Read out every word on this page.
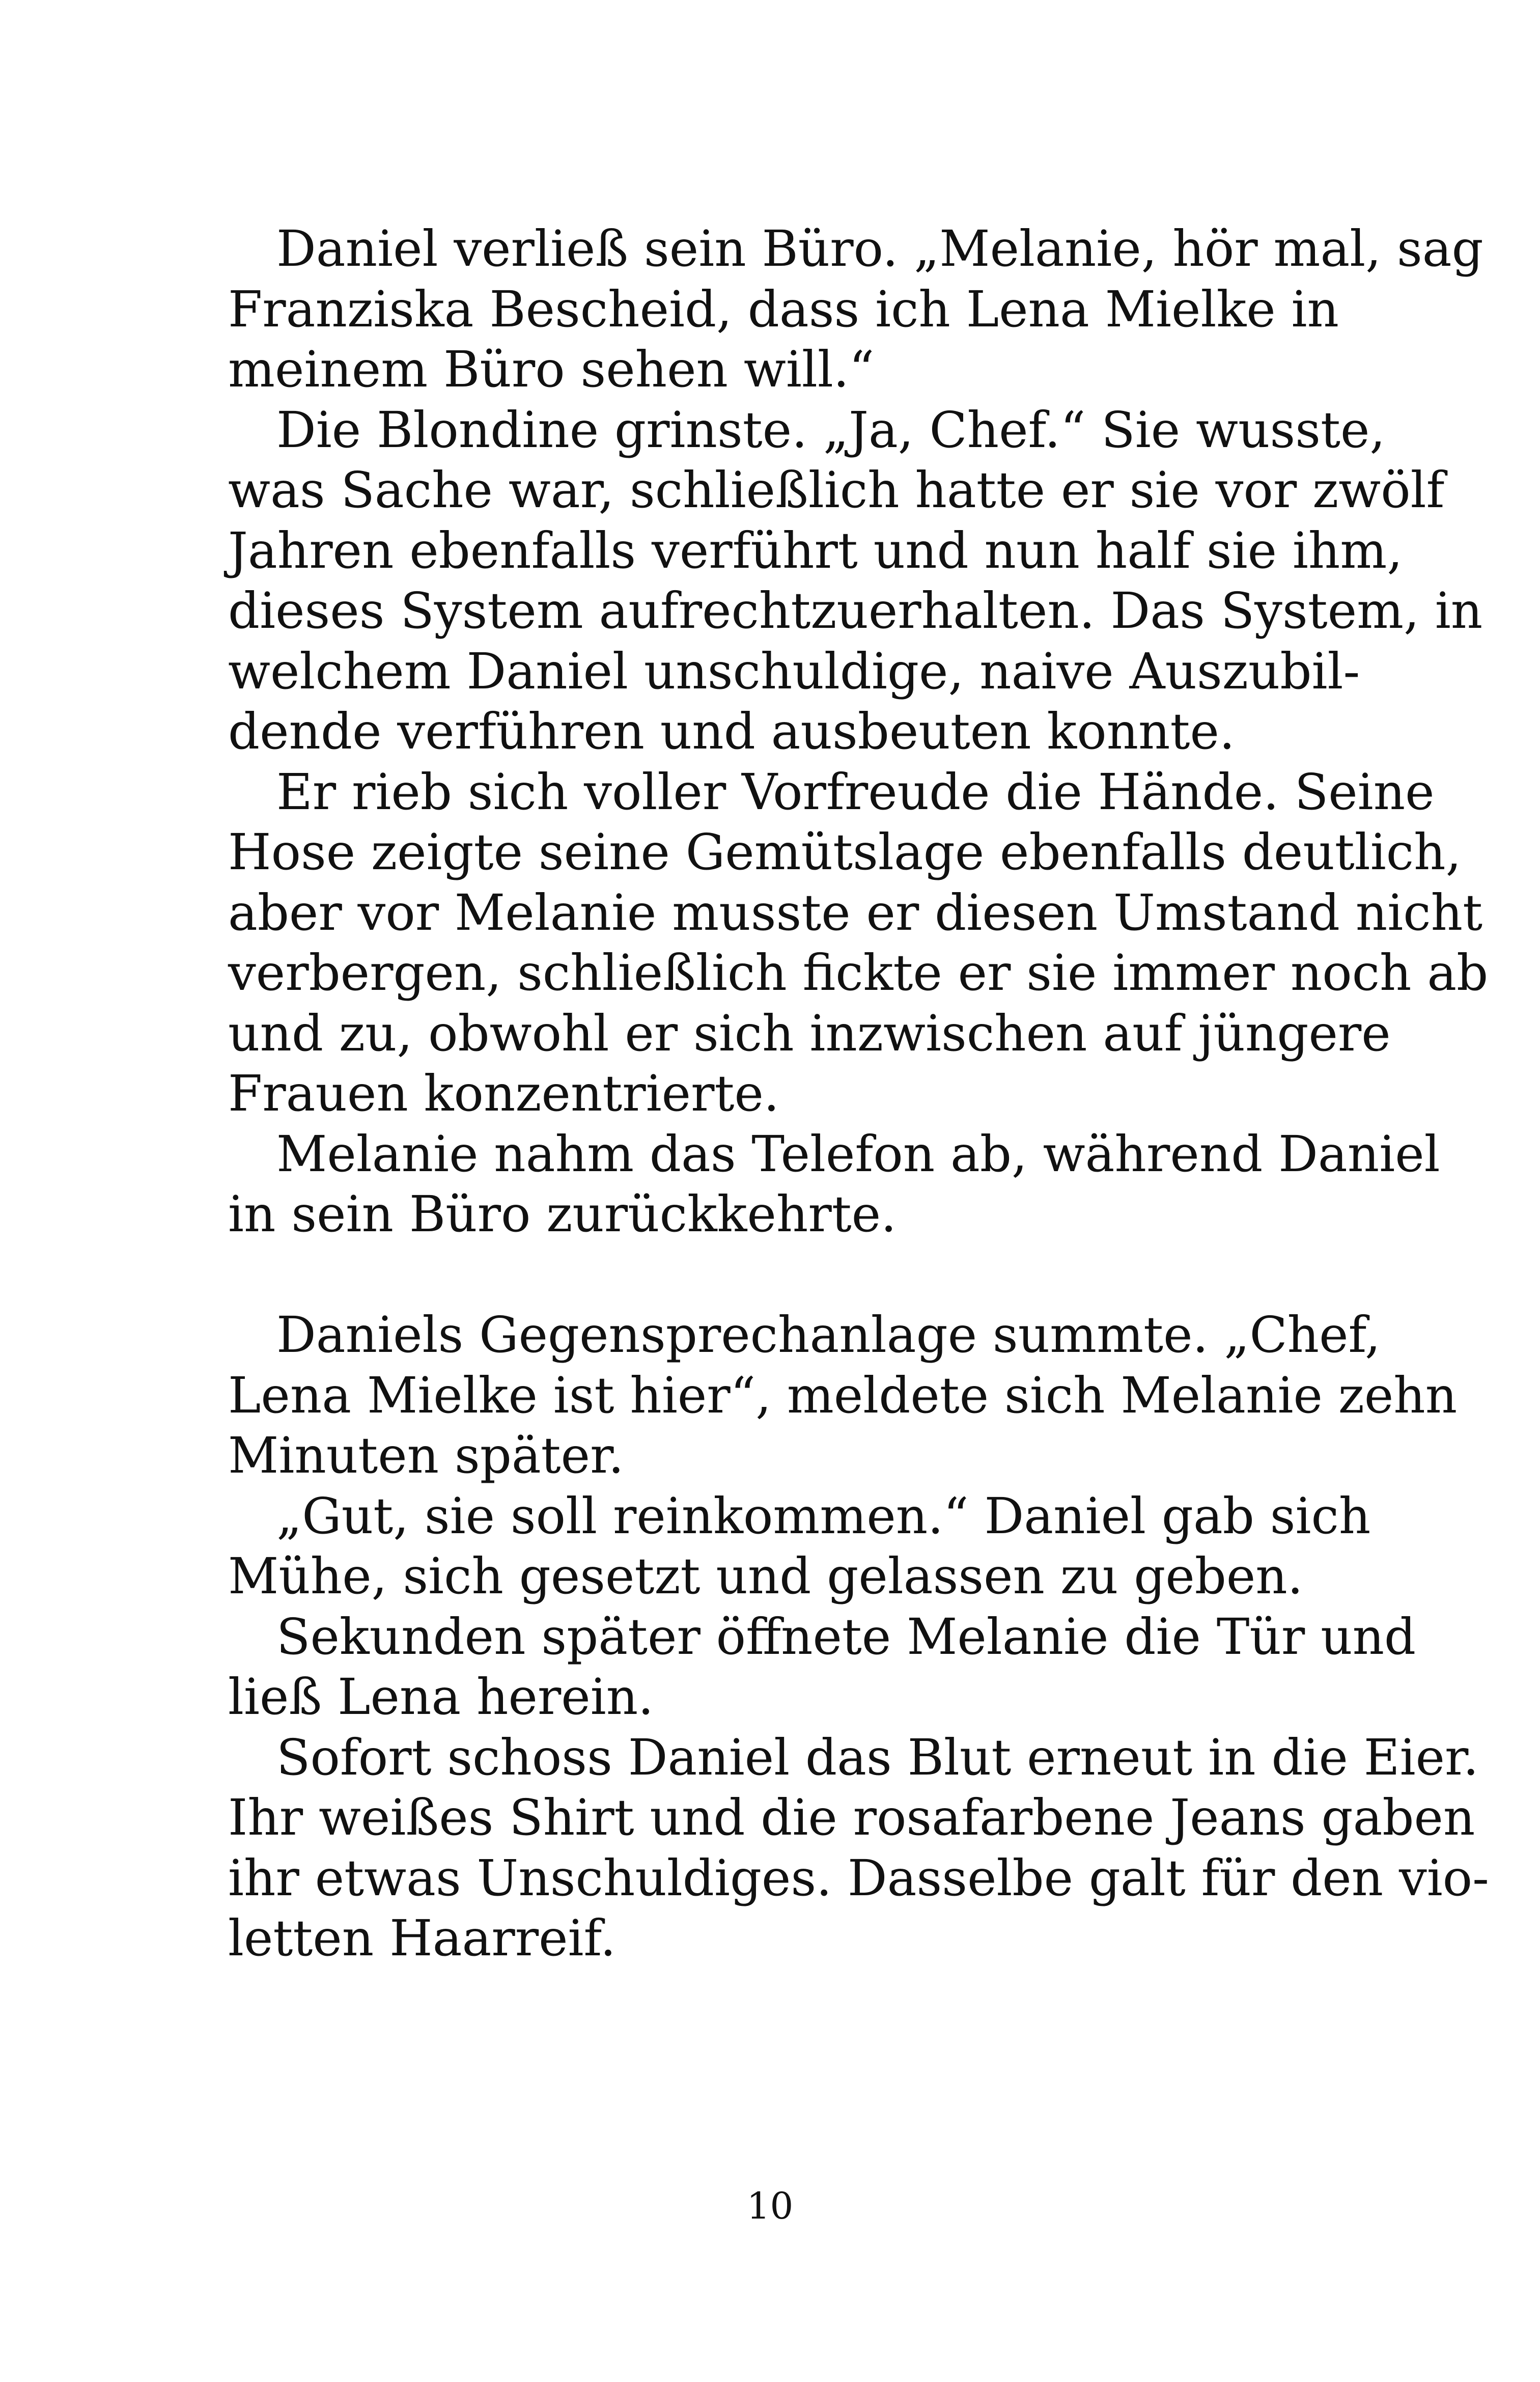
Daniel verließ sein Büro. „Melanie, hör mal, sag
Franziska Bescheid, dass ich Lena Mielke in
meinem Büro sehen will.“
Die Blondine grinste. „Ja, Chef.“ Sie wusste,
was Sache war, schließlich hatte er sie vor zwölf
Jahren ebenfalls verführt und nun half sie ihm,
dieses System aufrechtzuerhalten. Das System, in
welchem Daniel unschuldige, naive Auszubil-
dende verführen und ausbeuten konnte.
Er rieb sich voller Vorfreude die Hände. Seine
Hose zeigte seine Gemütslage ebenfalls deutlich,
aber vor Melanie musste er diesen Umstand nicht
verbergen, schließlich fickte er sie immer noch ab
und zu, obwohl er sich inzwischen auf jüngere
Frauen konzentrierte.
Melanie nahm das Telefon ab, während Daniel
in sein Büro zurückkehrte.
Daniels Gegensprechanlage summte. „Chef,
Lena Mielke ist hier“, meldete sich Melanie zehn
Minuten später.
„Gut, sie soll reinkommen.“ Daniel gab sich
Mühe, sich gesetzt und gelassen zu geben.
Sekunden später öffnete Melanie die Tür und
ließ Lena herein.
Sofort schoss Daniel das Blut erneut in die Eier.
Ihr weißes Shirt und die rosafarbene Jeans gaben
ihr etwas Unschuldiges. Dasselbe galt für den vio-
letten Haarreif.
10
